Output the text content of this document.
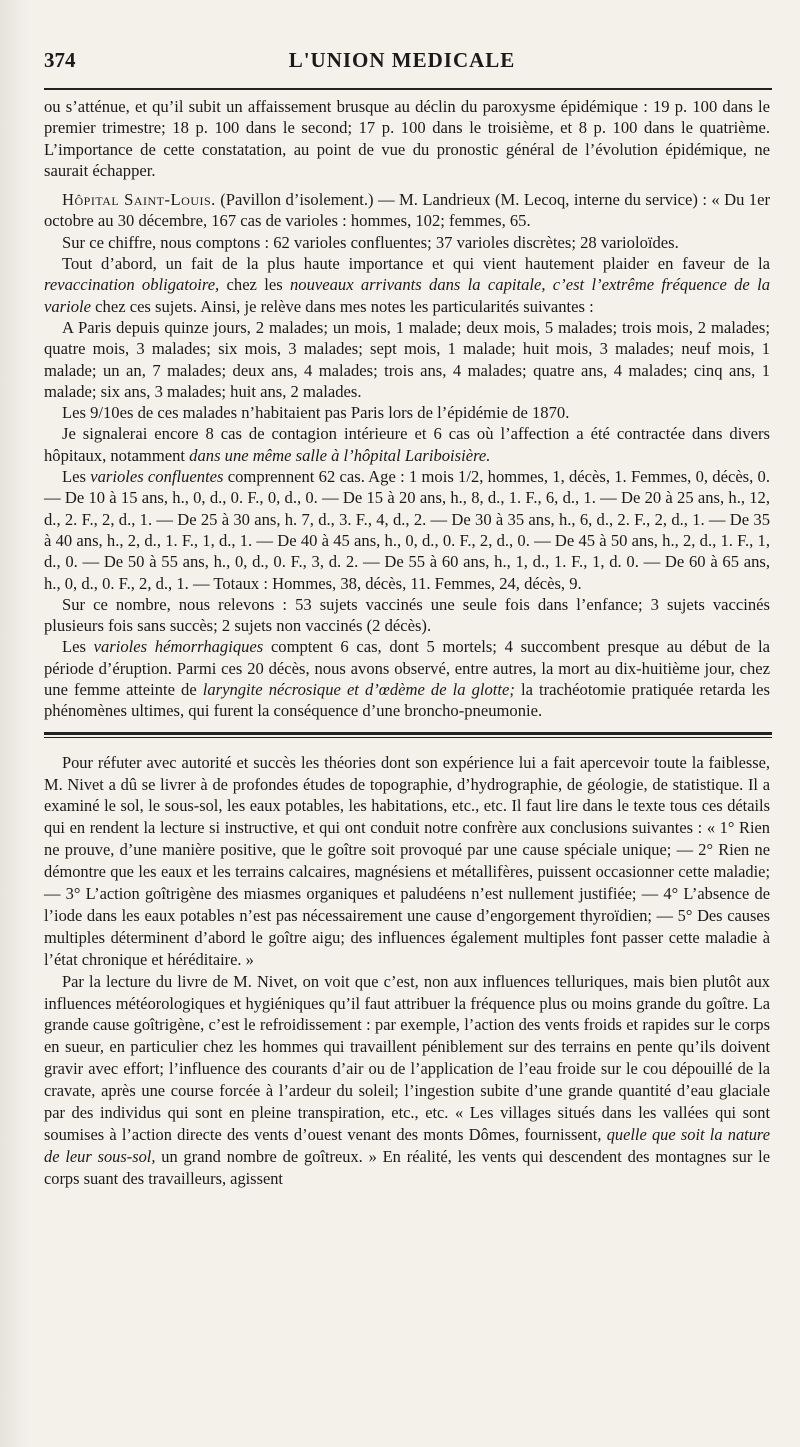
374	L'UNION MEDICALE

ou s’atténue, et qu’il subit un affaissement brusque au déclin du paroxysme épidémique : 19 p. 100 dans le premier trimestre; 18 p. 100 dans le second; 17 p. 100 dans le troisième, et 8 p. 100 dans le quatrième. L’importance de cette constatation, au point de vue du pronostic général de l’évolution épidémique, ne saurait échapper.

Hôpital Saint-Louis. (Pavillon d’isolement.) — M. Landrieux (M. Lecoq, interne du service) : « Du 1er octobre au 30 décembre, 167 cas de varioles : hommes, 102; femmes, 65.

Sur ce chiffre, nous comptons : 62 varioles confluentes; 37 varioles discrètes; 28 varioloïdes.

Tout d’abord, un fait de la plus haute importance et qui vient hautement plaider en faveur de la revaccination obligatoire, chez les nouveaux arrivants dans la capitale, c’est l’extrême fréquence de la variole chez ces sujets. Ainsi, je relève dans mes notes les particularités suivantes :

A Paris depuis quinze jours, 2 malades; un mois, 1 malade; deux mois, 5 malades; trois mois, 2 malades; quatre mois, 3 malades; six mois, 3 malades; sept mois, 1 malade; huit mois, 3 malades; neuf mois, 1 malade; un an, 7 malades; deux ans, 4 malades; trois ans, 4 malades; quatre ans, 4 malades; cinq ans, 1 malade; six ans, 3 malades; huit ans, 2 malades.

Les 9/10es de ces malades n’habitaient pas Paris lors de l’épidémie de 1870.

Je signalerai encore 8 cas de contagion intérieure et 6 cas où l’affection a été contractée dans divers hôpitaux, notamment dans une même salle à l’hôpital Lariboisière.

Les varioles confluentes comprennent 62 cas. Age : 1 mois 1/2, hommes, 1, décès, 1. Femmes, 0, décès, 0. — De 10 à 15 ans, h., 0, d., 0. F., 0, d., 0. — De 15 à 20 ans, h., 8, d., 1. F., 6, d., 1. — De 20 à 25 ans, h., 12, d., 2. F., 2, d., 1. — De 25 à 30 ans, h. 7, d., 3. F., 4, d., 2. — De 30 à 35 ans, h., 6, d., 2. F., 2, d., 1. — De 35 à 40 ans, h., 2, d., 1. F., 1, d., 1. — De 40 à 45 ans, h., 0, d., 0. F., 2, d., 0. — De 45 à 50 ans, h., 2, d., 1. F., 1, d., 0. — De 50 à 55 ans, h., 0, d., 0. F., 3, d. 2. — De 55 à 60 ans, h., 1, d., 1. F., 1, d. 0. — De 60 à 65 ans, h., 0, d., 0. F., 2, d., 1. — Totaux : Hommes, 38, décès, 11. Femmes, 24, décès, 9.

Sur ce nombre, nous relevons : 53 sujets vaccinés une seule fois dans l’enfance; 3 sujets vaccinés plusieurs fois sans succès; 2 sujets non vaccinés (2 décès).

Les varioles hémorrhagiques comptent 6 cas, dont 5 mortels; 4 succombent presque au début de la période d’éruption. Parmi ces 20 décès, nous avons observé, entre autres, la mort au dix-huitième jour, chez une femme atteinte de laryngite nécrosique et d’œdème de la glotte; la trachéotomie pratiquée retarda les phénomènes ultimes, qui furent la conséquence d’une broncho-pneumonie.

Pour réfuter avec autorité et succès les théories dont son expérience lui a fait apercevoir toute la faiblesse, M. Nivet a dû se livrer à de profondes études de topographie, d’hydrographie, de géologie, de statistique. Il a examiné le sol, le sous-sol, les eaux potables, les habitations, etc., etc. Il faut lire dans le texte tous ces détails qui en rendent la lecture si instructive, et qui ont conduit notre confrère aux conclusions suivantes : « 1° Rien ne prouve, d’une manière positive, que le goître soit provoqué par une cause spéciale unique; — 2° Rien ne démontre que les eaux et les terrains calcaires, magnésiens et métallifères, puissent occasionner cette maladie; — 3° L’action goîtrigène des miasmes organiques et paludéens n’est nullement justifiée; — 4° L’absence de l’iode dans les eaux potables n’est pas nécessairement une cause d’engorgement thyroïdien; — 5° Des causes multiples déterminent d’abord le goître aigu; des influences également multiples font passer cette maladie à l’état chronique et héréditaire. »

Par la lecture du livre de M. Nivet, on voit que c’est, non aux influences telluriques, mais bien plutôt aux influences météorologiques et hygiéniques qu’il faut attribuer la fréquence plus ou moins grande du goître. La grande cause goîtrigène, c’est le refroidissement : par exemple, l’action des vents froids et rapides sur le corps en sueur, en particulier chez les hommes qui travaillent péniblement sur des terrains en pente qu’ils doivent gravir avec effort; l’influence des courants d’air ou de l’application de l’eau froide sur le cou dépouillé de la cravate, après une course forcée à l’ardeur du soleil; l’ingestion subite d’une grande quantité d’eau glaciale par des individus qui sont en pleine transpiration, etc., etc. « Les villages situés dans les vallées qui sont soumises à l’action directe des vents d’ouest venant des monts Dômes, fournissent, quelle que soit la nature de leur sous-sol, un grand nombre de goîtreux. » En réalité, les vents qui descendent des montagnes sur le corps suant des travailleurs, agissent
